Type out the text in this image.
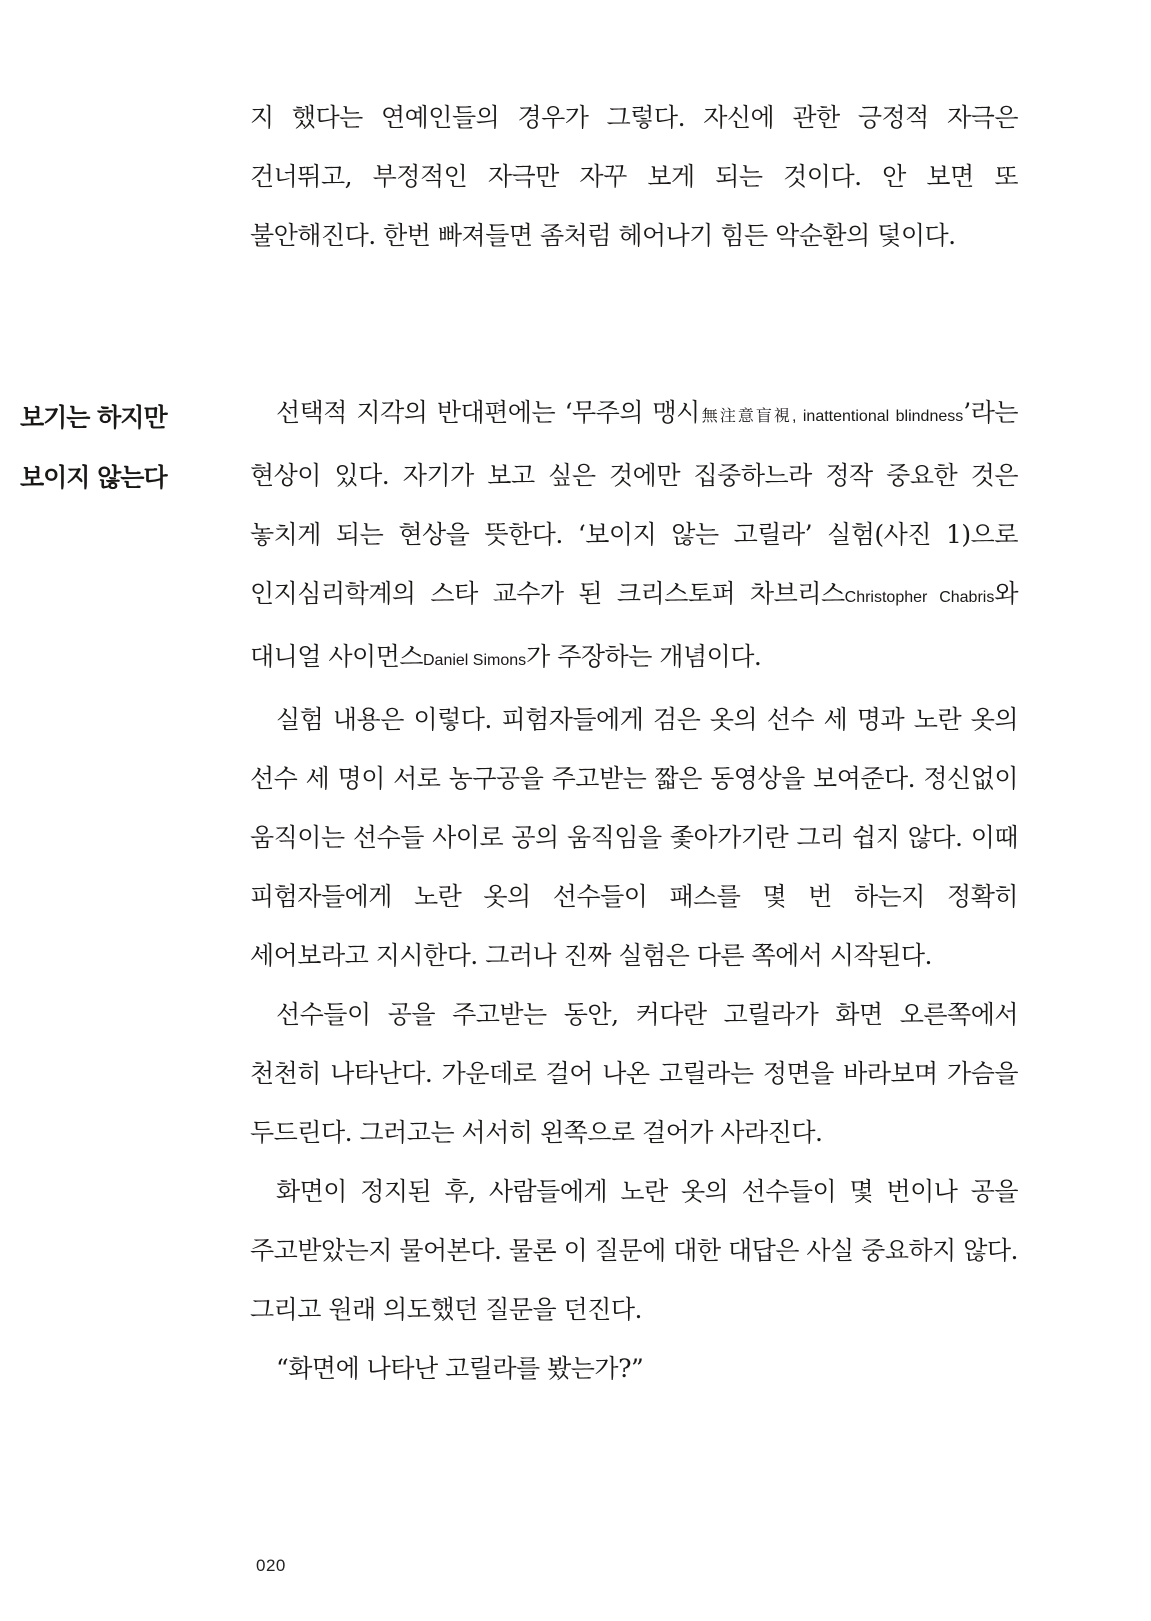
지 했다는 연예인들의 경우가 그렇다. 자신에 관한 긍정적 자극은 건너뛰고, 부정적인 자극만 자꾸 보게 되는 것이다. 안 보면 또 불안해진다. 한번 빠져들면 좀처럼 헤어나기 힘든 악순환의 덫이다.

보기는 하지만
보이지 않는다

선택적 지각의 반대편에는 ‘무주의 맹시無注意盲視, inattentional blindness’라는 현상이 있다. 자기가 보고 싶은 것에만 집중하느라 정작 중요한 것은 놓치게 되는 현상을 뜻한다. ‘보이지 않는 고릴라’ 실험(사진 1)으로 인지심리학계의 스타 교수가 된 크리스토퍼 차브리스Christopher Chabris와 대니얼 사이먼스Daniel Simons가 주장하는 개념이다.

실험 내용은 이렇다. 피험자들에게 검은 옷의 선수 세 명과 노란 옷의 선수 세 명이 서로 농구공을 주고받는 짧은 동영상을 보여준다. 정신없이 움직이는 선수들 사이로 공의 움직임을 좇아가기란 그리 쉽지 않다. 이때 피험자들에게 노란 옷의 선수들이 패스를 몇 번 하는지 정확히 세어보라고 지시한다. 그러나 진짜 실험은 다른 쪽에서 시작된다.

선수들이 공을 주고받는 동안, 커다란 고릴라가 화면 오른쪽에서 천천히 나타난다. 가운데로 걸어 나온 고릴라는 정면을 바라보며 가슴을 두드린다. 그러고는 서서히 왼쪽으로 걸어가 사라진다.

화면이 정지된 후, 사람들에게 노란 옷의 선수들이 몇 번이나 공을 주고받았는지 물어본다. 물론 이 질문에 대한 대답은 사실 중요하지 않다. 그리고 원래 의도했던 질문을 던진다.

“화면에 나타난 고릴라를 봤는가?”

020
